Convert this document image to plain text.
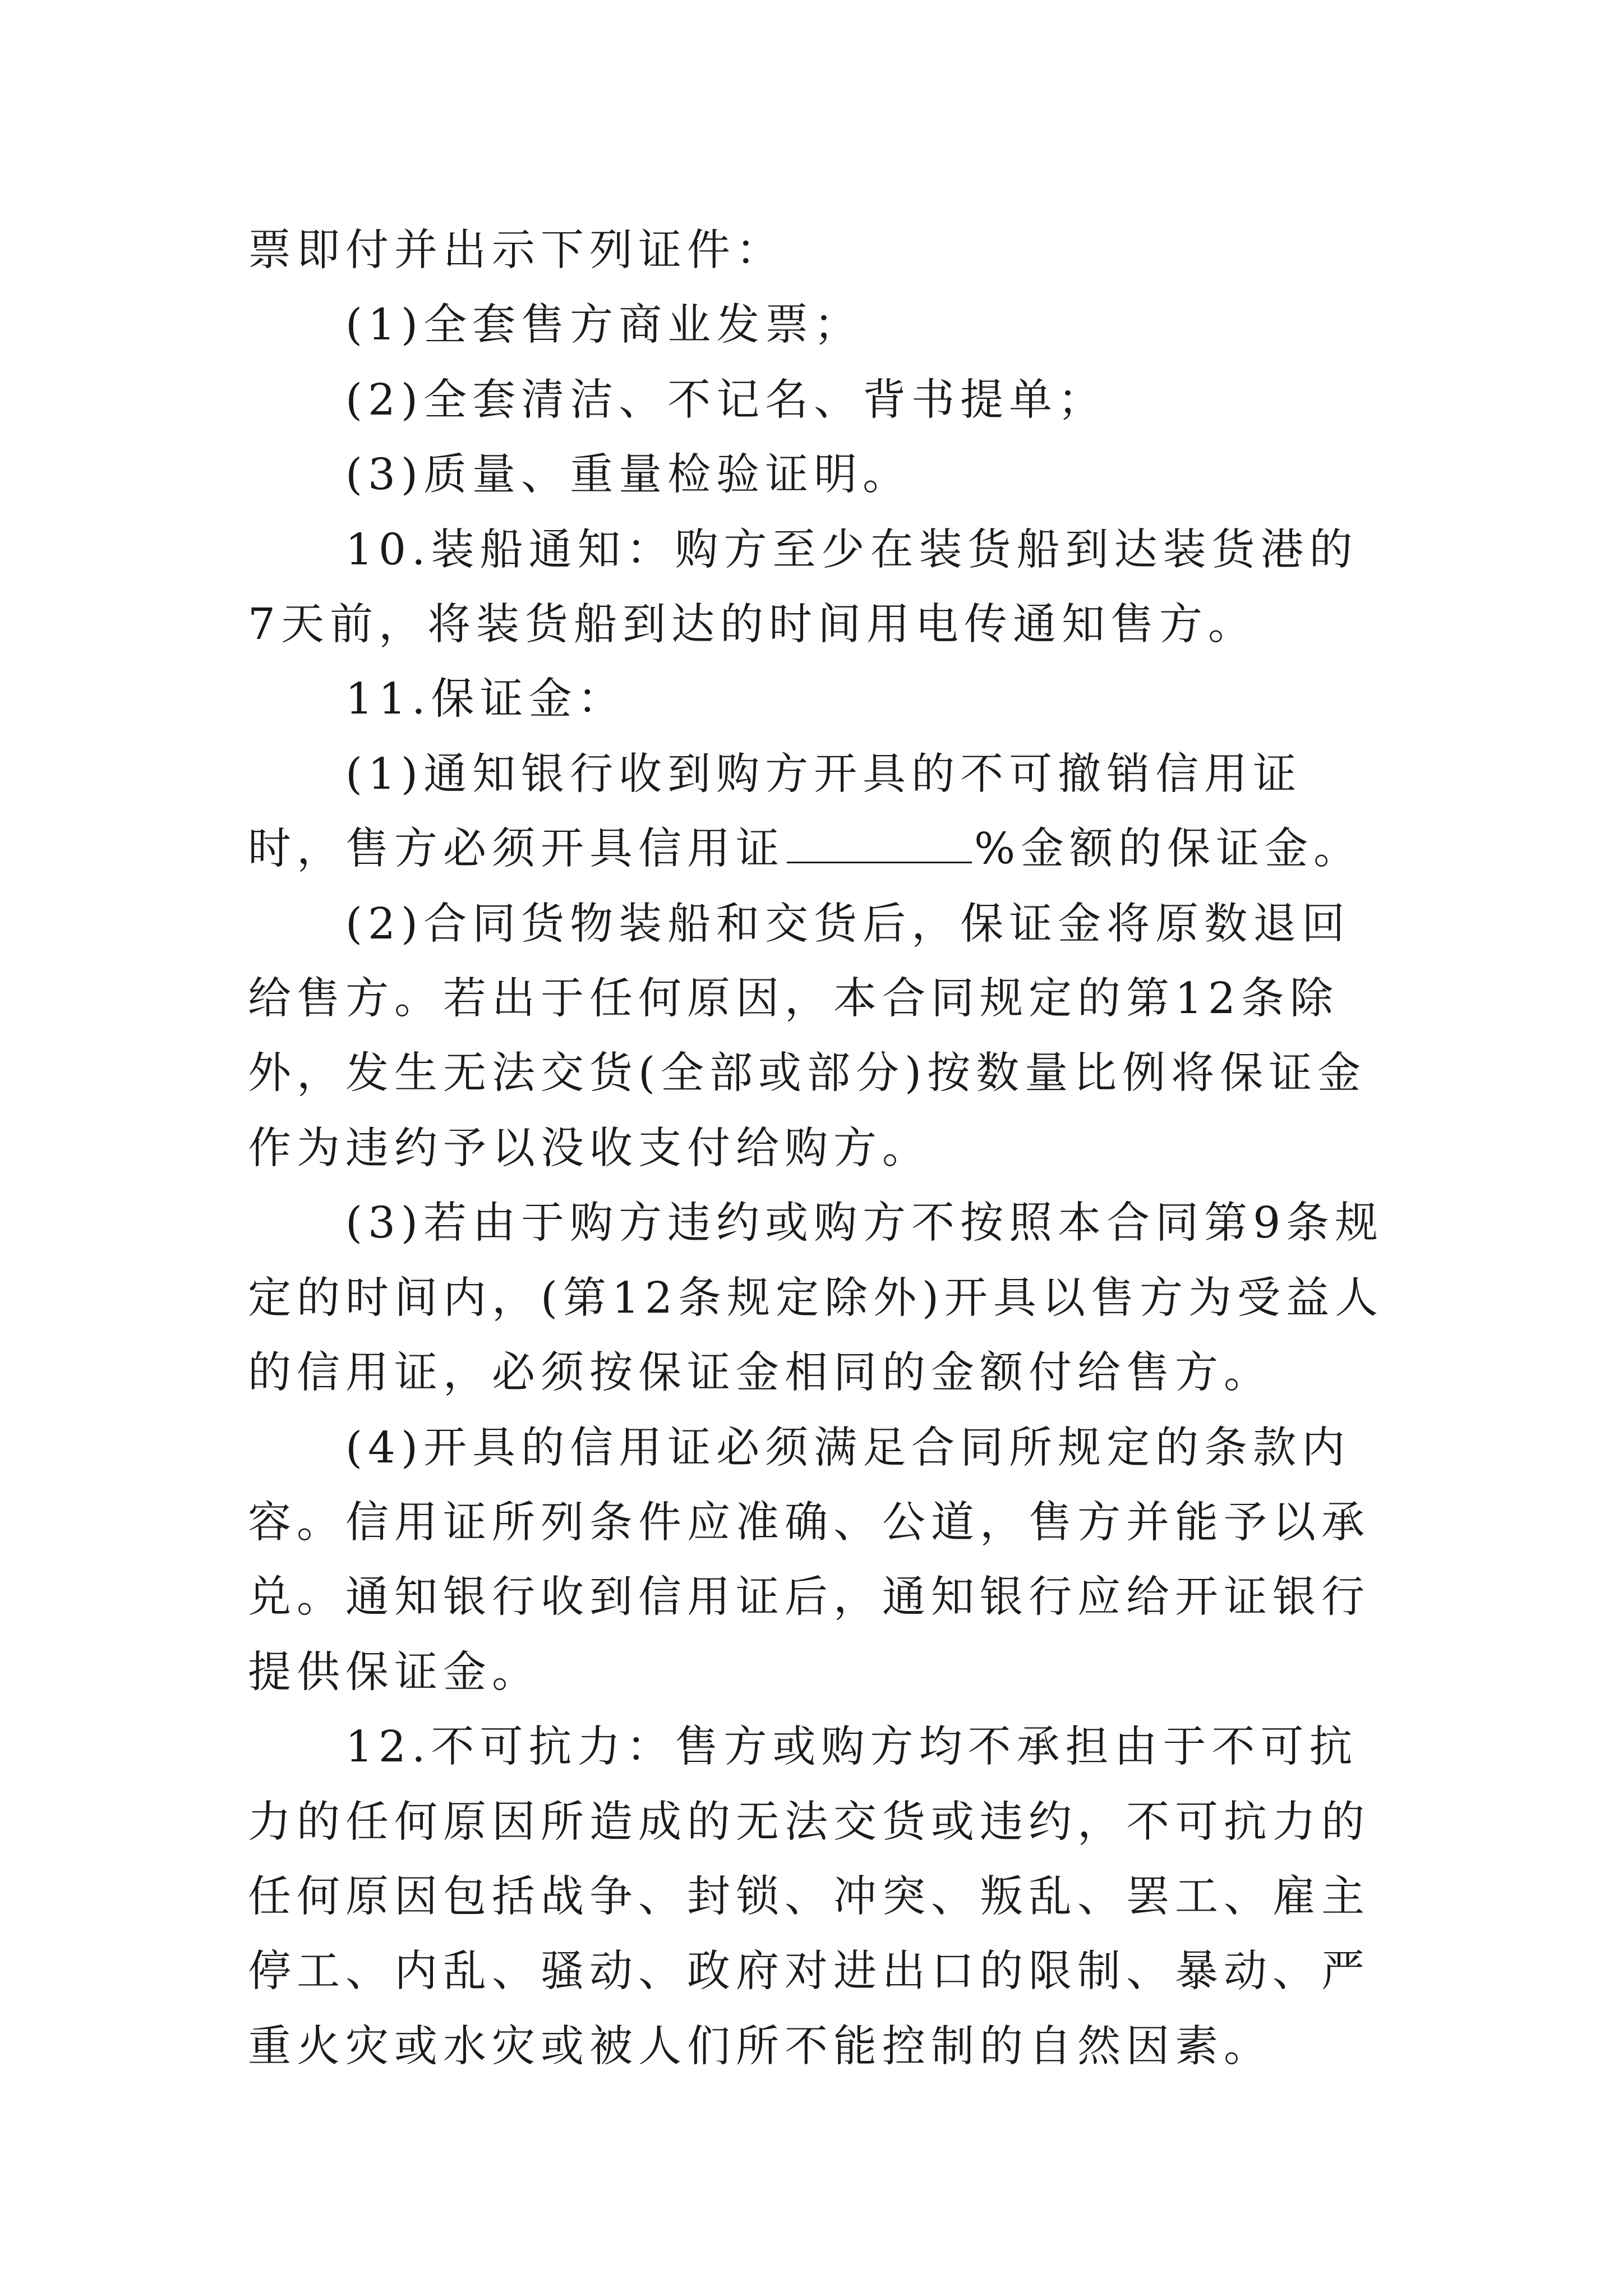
票即付并出示下列证件：

(1)全套售方商业发票；

(2)全套清洁、不记名、背书提单；

(3)质量、重量检验证明。

10.装船通知：购方至少在装货船到达装货港的7天前，将装货船到达的时间用电传通知售方。

11.保证金：

(1)通知银行收到购方开具的不可撤销信用证时，售方必须开具信用证	%金额的保证金。

(2)合同货物装船和交货后，保证金将原数退回给售方。若出于任何原因，本合同规定的第12条除外，发生无法交货(全部或部分)按数量比例将保证金作为违约予以没收支付给购方。

(3)若由于购方违约或购方不按照本合同第9条规定的时间内，(第12条规定除外)开具以售方为受益人的信用证，必须按保证金相同的金额付给售方。

(4)开具的信用证必须满足合同所规定的条款内容。信用证所列条件应准确、公道，售方并能予以承兑。通知银行收到信用证后，通知银行应给开证银行提供保证金。

12.不可抗力：售方或购方均不承担由于不可抗力的任何原因所造成的无法交货或违约，不可抗力的任何原因包括战争、封锁、冲突、叛乱、罢工、雇主停工、内乱、骚动、政府对进出口的限制、暴动、严重火灾或水灾或被人们所不能控制的自然因素。
